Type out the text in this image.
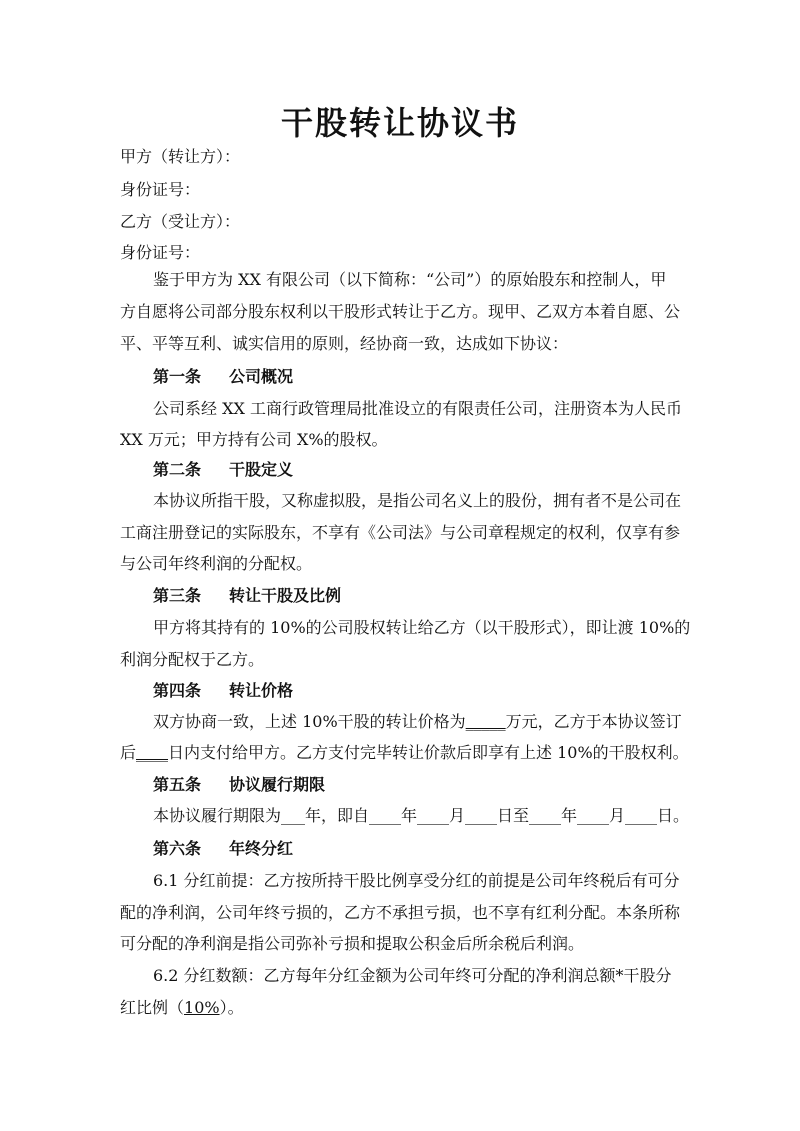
干股转让协议书
甲方（转让方）：
身份证号：
乙方（受让方）：
身份证号：
鉴于甲方为 XX 有限公司（以下简称：“公司”）的原始股东和控制人，甲
方自愿将公司部分股东权利以干股形式转让于乙方。现甲、乙双方本着自愿、公
平、平等互利、诚实信用的原则，经协商一致，达成如下协议：
第一条 公司概况
公司系经 XX 工商行政管理局批准设立的有限责任公司，注册资本为人民币
XX 万元；甲方持有公司 X%的股权。
第二条 干股定义
本协议所指干股，又称虚拟股，是指公司名义上的股份，拥有者不是公司在
工商注册登记的实际股东，不享有《公司法》与公司章程规定的权利，仅享有参
与公司年终利润的分配权。
第三条 转让干股及比例
甲方将其持有的 10%的公司股权转让给乙方（以干股形式），即让渡 10%的
利润分配权于乙方。
第四条 转让价格
双方协商一致，上述 10%干股的转让价格为_____万元，乙方于本协议签订
后____日内支付给甲方。乙方支付完毕转让价款后即享有上述 10%的干股权利。
第五条 协议履行期限
本协议履行期限为___年，即自____年____月____日至____年____月____日。
第六条 年终分红
6.1 分红前提：乙方按所持干股比例享受分红的前提是公司年终税后有可分
配的净利润，公司年终亏损的，乙方不承担亏损，也不享有红利分配。本条所称
可分配的净利润是指公司弥补亏损和提取公积金后所余税后利润。
6.2 分红数额：乙方每年分红金额为公司年终可分配的净利润总额*干股分
红比例（10%）。
